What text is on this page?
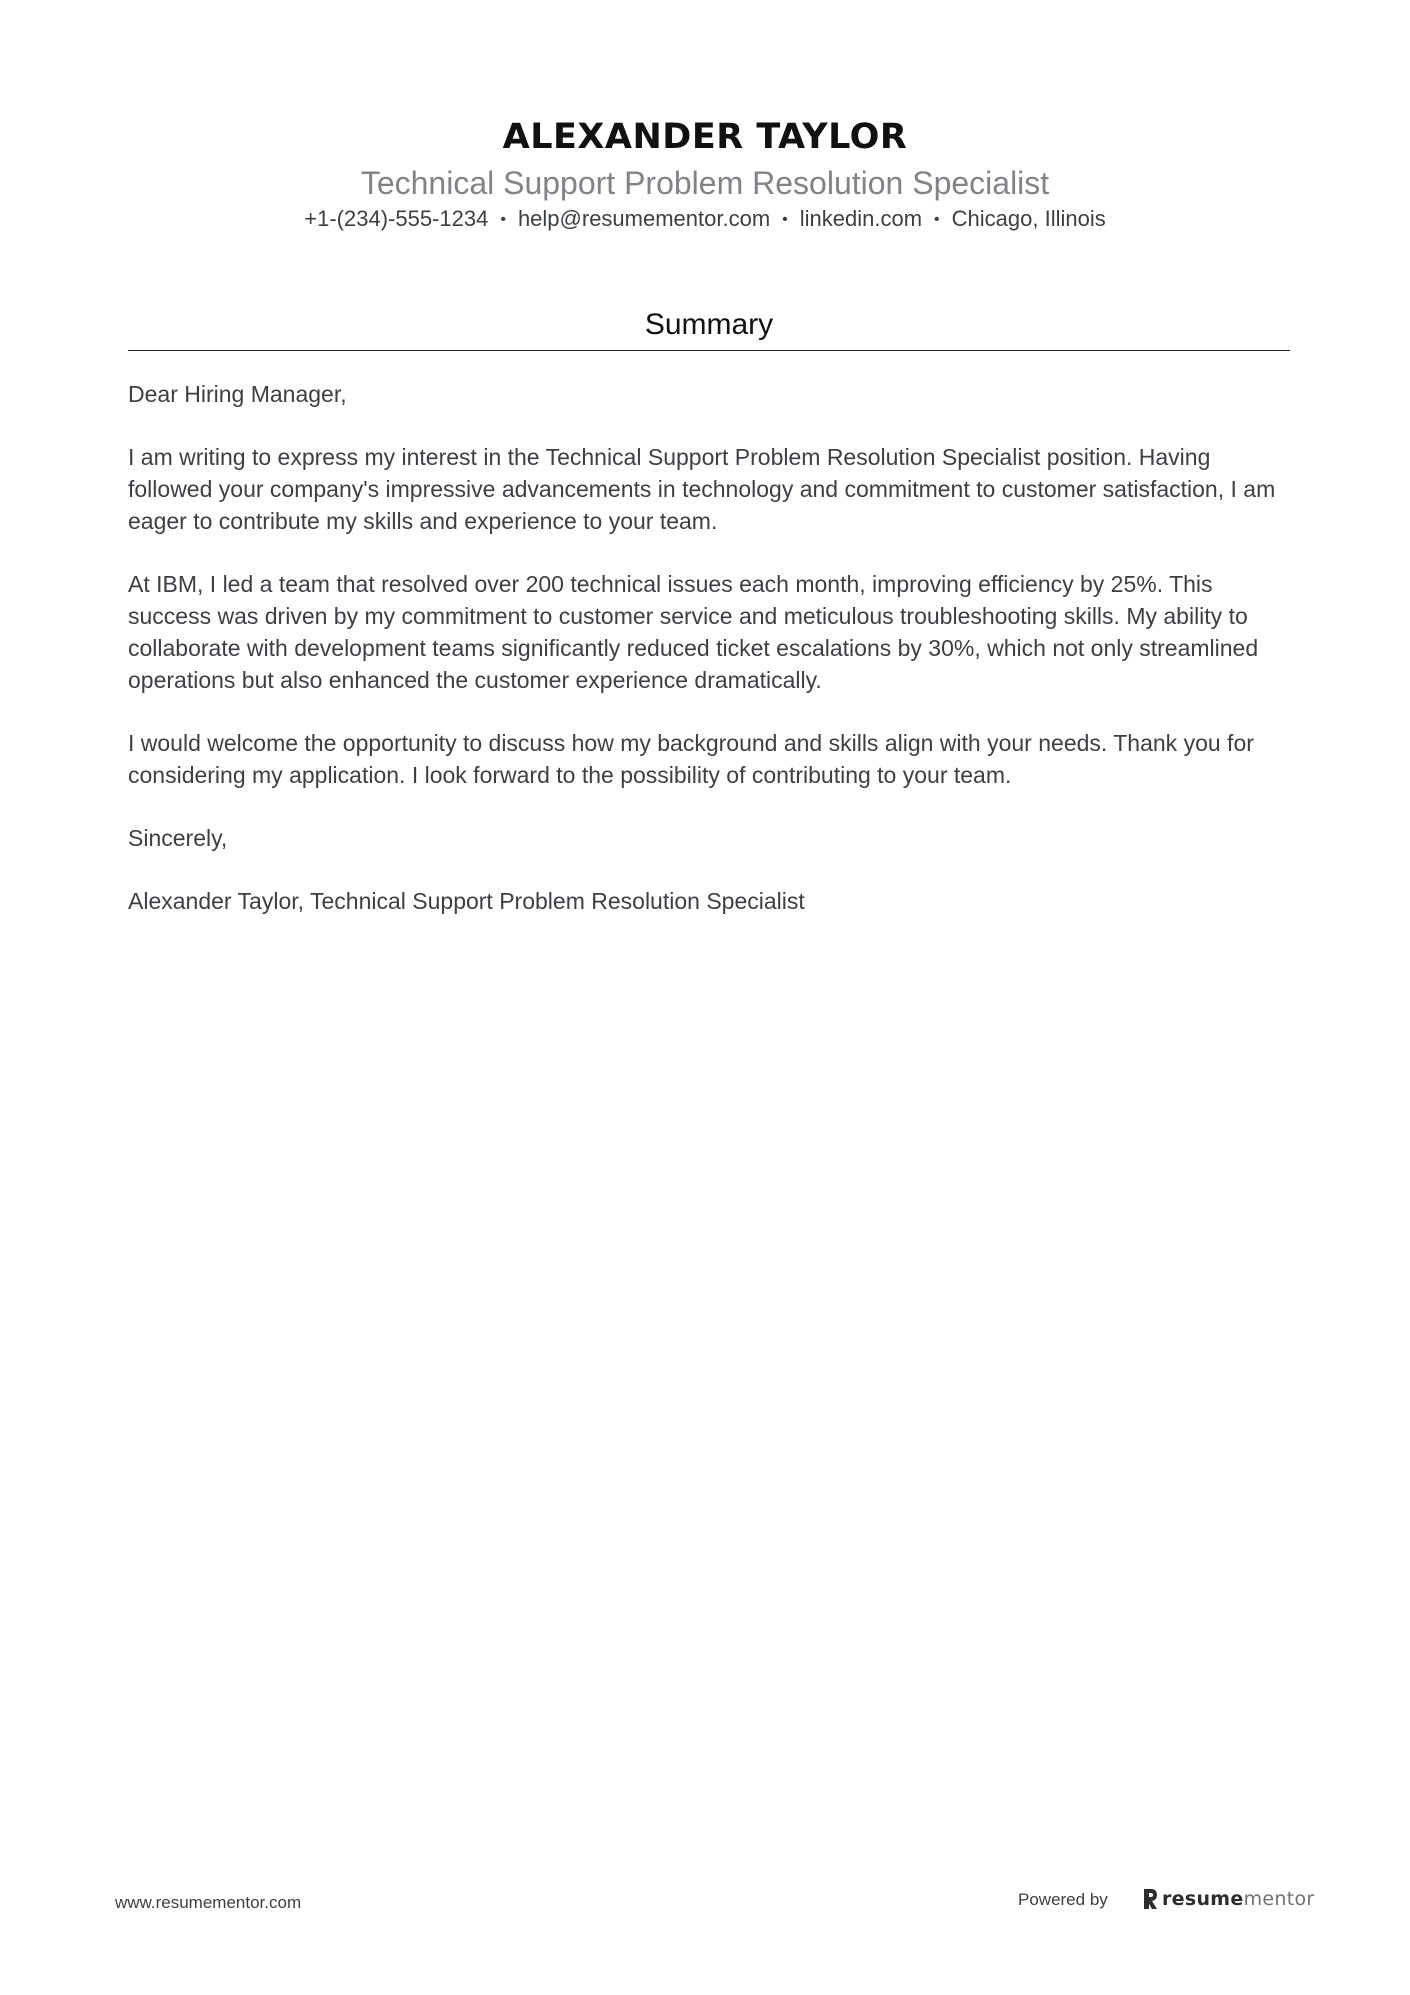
ALEXANDER TAYLOR
Technical Support Problem Resolution Specialist
+1-(234)-555-1234 • help@resumementor.com • linkedin.com • Chicago, Illinois
Summary

Dear Hiring Manager,

I am writing to express my interest in the Technical Support Problem Resolution Specialist position. Having followed your company's impressive advancements in technology and commitment to customer satisfaction, I am eager to contribute my skills and experience to your team.

At IBM, I led a team that resolved over 200 technical issues each month, improving efficiency by 25%. This success was driven by my commitment to customer service and meticulous troubleshooting skills. My ability to collaborate with development teams significantly reduced ticket escalations by 30%, which not only streamlined operations but also enhanced the customer experience dramatically.

I would welcome the opportunity to discuss how my background and skills align with your needs. Thank you for considering my application. I look forward to the possibility of contributing to your team.

Sincerely,

Alexander Taylor, Technical Support Problem Resolution Specialist

www.resumementor.com	Powered by	resumementor
